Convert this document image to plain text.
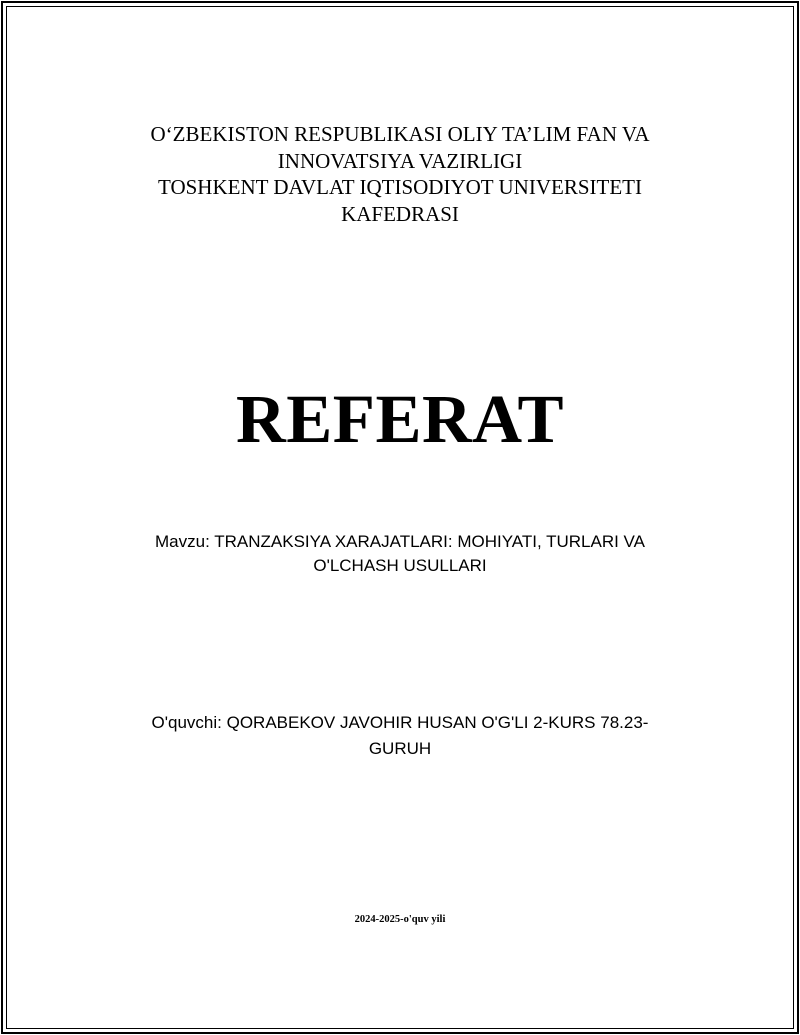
O‘ZBEKISTON RESPUBLIKASI OLIY TA’LIM FAN VA
INNOVATSIYA VAZIRLIGI
TOSHKENT DAVLAT IQTISODIYOT UNIVERSITETI
KAFEDRASI
REFERAT
Mavzu: TRANZAKSIYA XARAJATLARI: MOHIYATI, TURLARI VA
O'LCHASH USULLARI
O'quvchi: QORABEKOV JAVOHIR HUSAN O'G'LI 2-KURS 78.23-
GURUH
2024-2025-o'quv yili
